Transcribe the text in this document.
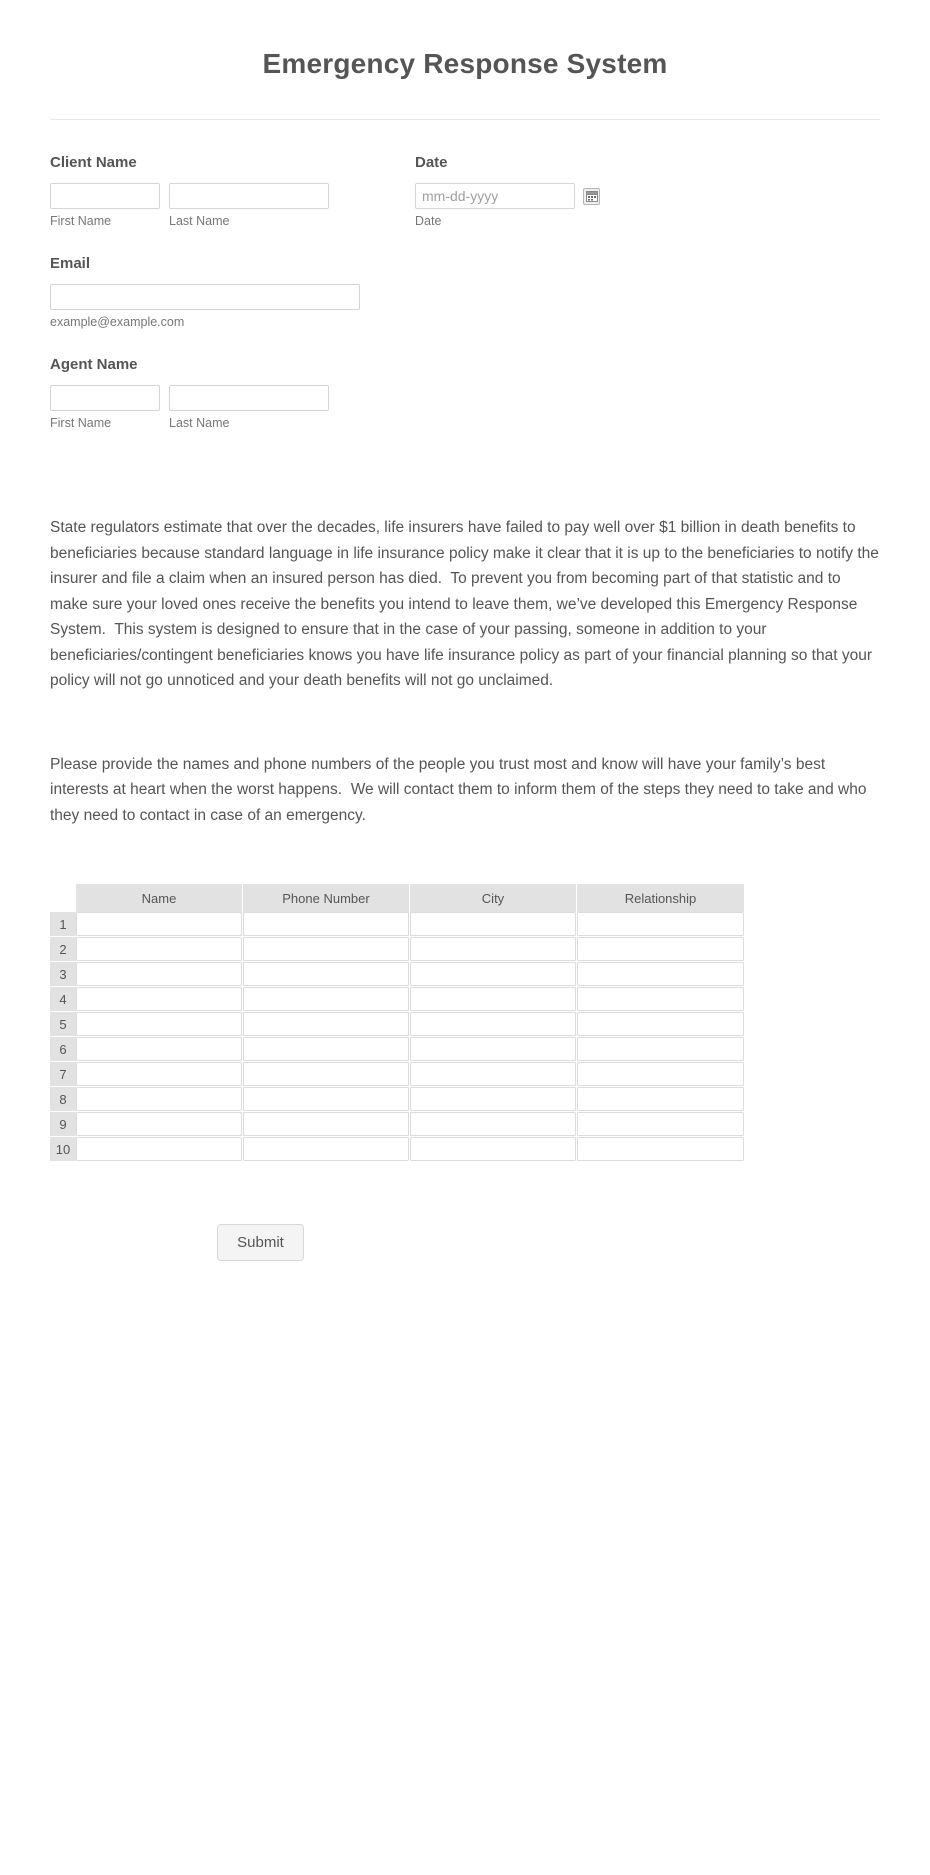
Emergency Response System
Client Name
First Name	Last Name
Date
mm-dd-yyyy
Date
Email
example@example.com
Agent Name
First Name	Last Name

State regulators estimate that over the decades, life insurers have failed to pay well over $1 billion in death benefits to beneficiaries because standard language in life insurance policy make it clear that it is up to the beneficiaries to notify the insurer and file a claim when an insured person has died.  To prevent you from becoming part of that statistic and to make sure your loved ones receive the benefits you intend to leave them, we’ve developed this Emergency Response System.  This system is designed to ensure that in the case of your passing, someone in addition to your beneficiaries/contingent beneficiaries knows you have life insurance policy as part of your financial planning so that your policy will not go unnoticed and your death benefits will not go unclaimed.

Please provide the names and phone numbers of the people you trust most and know will have your family’s best interests at heart when the worst happens.  We will contact them to inform them of the steps they need to take and who they need to contact in case of an emergency.

	Name	Phone Number	City	Relationship
1	

2	

3	

4	

5	

6	

7	

8	

9	

10	

Submit
